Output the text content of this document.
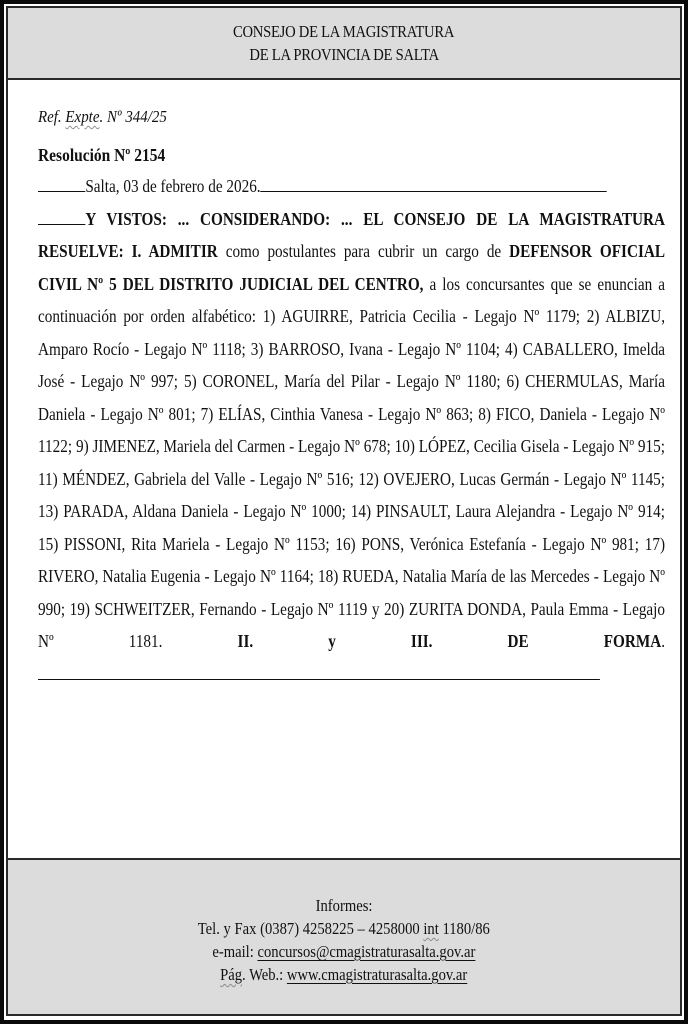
CONSEJO DE LA MAGISTRATURA
DE LA PROVINCIA DE SALTA
Ref. Expte. Nº 344/25
Resolución Nº 2154
Salta, 03 de febrero de 2026.
Y VISTOS: ... CONSIDERANDO: ... EL CONSEJO DE LA MAGISTRATURA RESUELVE: I. ADMITIR como postulantes para cubrir un cargo de DEFENSOR OFICIAL CIVIL Nº 5 DEL DISTRITO JUDICIAL DEL CENTRO, a los concursantes que se enuncian a continuación por orden alfabético: 1) AGUIRRE, Patricia Cecilia - Legajo Nº 1179; 2) ALBIZU, Amparo Rocío - Legajo Nº 1118; 3) BARROSO, Ivana - Legajo Nº 1104; 4) CABALLERO, Imelda José - Legajo Nº 997; 5) CORONEL, María del Pilar - Legajo Nº 1180; 6) CHERMULAS, María Daniela - Legajo Nº 801; 7) ELÍAS, Cinthia Vanesa - Legajo Nº 863; 8) FICO, Daniela - Legajo Nº 1122; 9) JIMENEZ, Mariela del Carmen - Legajo Nº 678; 10) LÓPEZ, Cecilia Gisela - Legajo Nº 915; 11) MÉNDEZ, Gabriela del Valle - Legajo Nº 516; 12) OVEJERO, Lucas Germán - Legajo Nº 1145; 13) PARADA, Aldana Daniela - Legajo Nº 1000; 14) PINSAULT, Laura Alejandra - Legajo Nº 914; 15) PISSONI, Rita Mariela - Legajo Nº 1153; 16) PONS, Verónica Estefanía - Legajo Nº 981; 17) RIVERO, Natalia Eugenia - Legajo Nº 1164; 18) RUEDA, Natalia María de las Mercedes - Legajo Nº 990; 19) SCHWEITZER, Fernando - Legajo Nº 1119 y 20) ZURITA DONDA, Paula Emma - Legajo Nº	1181.	II. y III. DE FORMA.
Informes:
Tel. y Fax (0387) 4258225 – 4258000 int 1180/86
e-mail: concursos@cmagistraturasalta.gov.ar
Pág. Web.: www.cmagistraturasalta.gov.ar
